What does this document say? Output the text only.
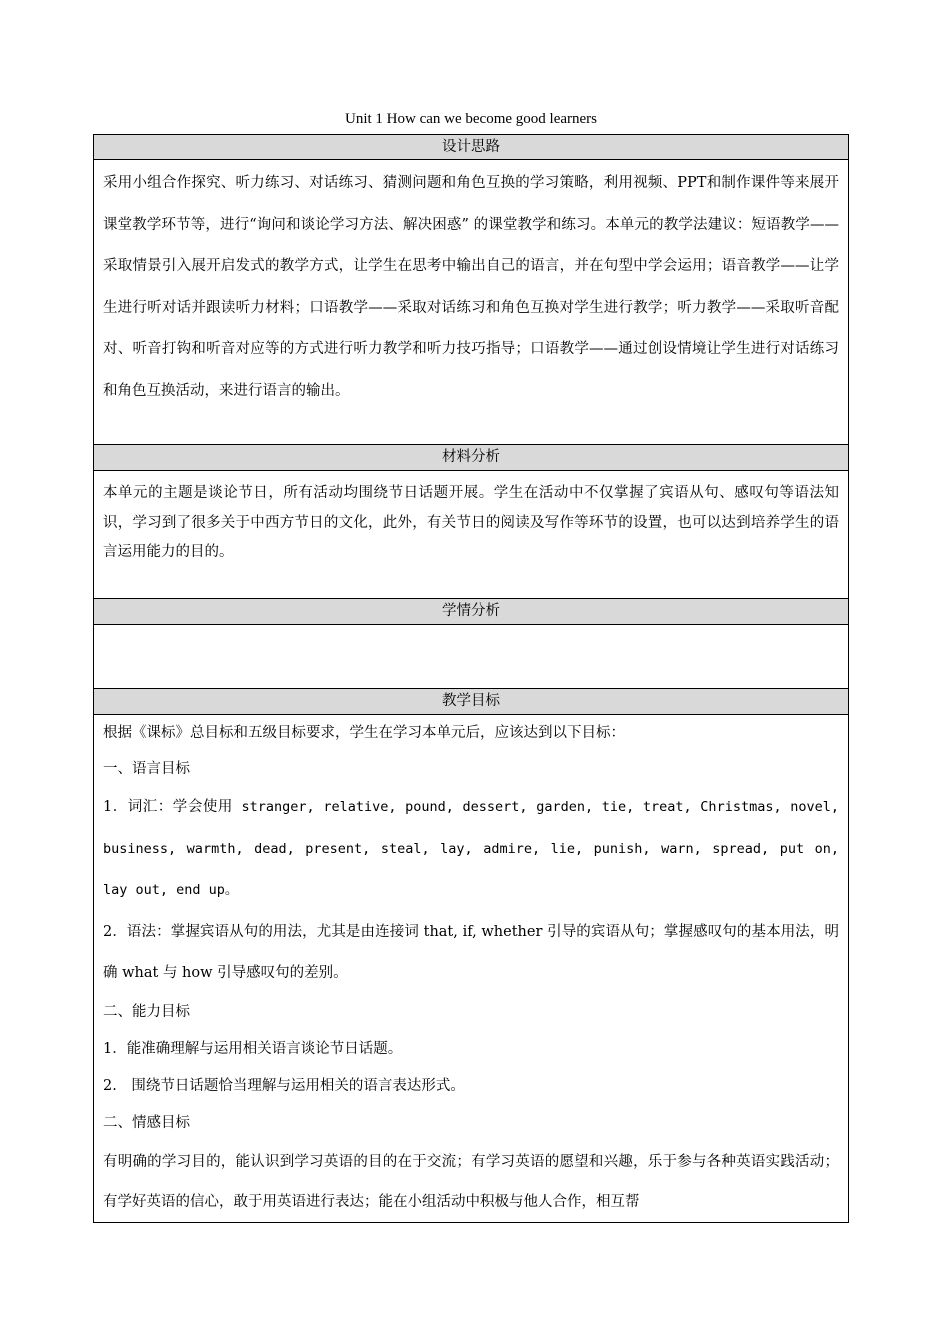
Unit 1 How can we become good learners
设计思路
采用小组合作探究、听力练习、对话练习、猜测问题和角色互换的学习策略，利用视频、PPT和制作课件等来展开课堂教学环节等，进行“询问和谈论学习方法、解决困惑” 的课堂教学和练习。本单元的教学法建议：短语教学——采取情景引入展开启发式的教学方式，让学生在思考中输出自己的语言，并在句型中学会运用；语音教学——让学生进行听对话并跟读听力材料；口语教学——采取对话练习和角色互换对学生进行教学；听力教学——采取听音配对、听音打钩和听音对应等的方式进行听力教学和听力技巧指导；口语教学——通过创设情境让学生进行对话练习和角色互换活动，来进行语言的输出。
材料分析
本单元的主题是谈论节日，所有活动均围绕节日话题开展。学生在活动中不仅掌握了宾语从句、感叹句等语法知识，学习到了很多关于中西方节日的文化，此外，有关节日的阅读及写作等环节的设置，也可以达到培养学生的语言运用能力的目的。
学情分析

教学目标

根据《课标》总目标和五级目标要求，学生在学习本单元后，应该达到以下目标：

一、语言目标

1．词汇：学会使用 stranger, relative, pound, dessert, garden, tie, treat, Christmas, novel, business, warmth, dead, present, steal, lay, admire, lie, punish, warn, spread, put on, lay out, end up。

2．语法：掌握宾语从句的用法，尤其是由连接词 that, if, whether 引导的宾语从句；掌握感叹句的基本用法，明确 what 与 how 引导感叹句的差别。

二、能力目标

1．能准确理解与运用相关语言谈论节日话题。

2.　围绕节日话题恰当理解与运用相关的语言表达形式。

二、情感目标

有明确的学习目的，能认识到学习英语的目的在于交流；有学习英语的愿望和兴趣，乐于参与各种英语实践活动；有学好英语的信心，敢于用英语进行表达；能在小组活动中积极与他人合作，相互帮
